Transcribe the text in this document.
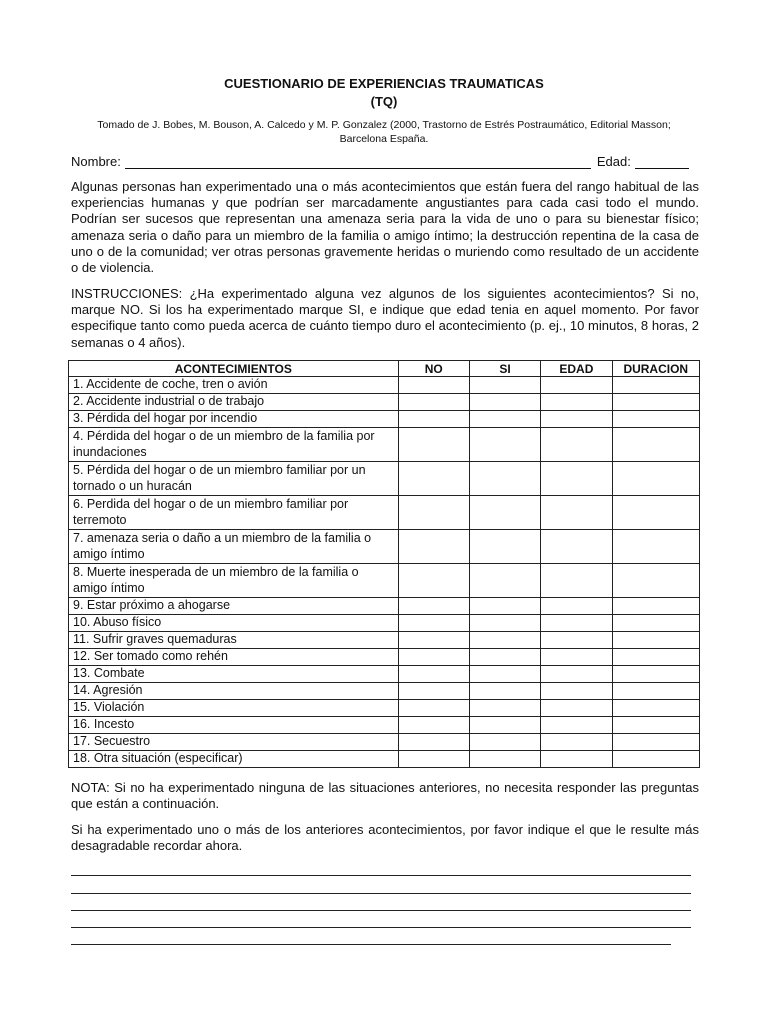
CUESTIONARIO DE EXPERIENCIAS TRAUMATICAS
(TQ)
Tomado de J. Bobes, M. Bouson, A. Calcedo y M. P. Gonzalez (2000, Trastorno de Estrés Postraumático, Editorial Masson; Barcelona España.
Nombre:	Edad:
Algunas personas han experimentado una o más acontecimientos que están fuera del rango habitual de las experiencias humanas y que podrían ser marcadamente angustiantes para cada casi todo el mundo. Podrían ser sucesos que representan una amenaza seria para la vida de uno o para su bienestar físico; amenaza seria o daño para un miembro de la familia o amigo íntimo; la destrucción repentina de la casa de uno o de la comunidad; ver otras personas gravemente heridas o muriendo como resultado de un accidente o de violencia.
INSTRUCCIONES: ¿Ha experimentado alguna vez algunos de los siguientes acontecimientos? Si no, marque NO. Si los ha experimentado marque SI, e indique que edad tenia en aquel momento. Por favor especifique tanto como pueda acerca de cuánto tiempo duro el acontecimiento (p. ej., 10 minutos, 8 horas, 2 semanas o 4 años).
ACONTECIMIENTOS	NO	SI	EDAD	DURACION
1. Accidente de coche, tren o avión				
2. Accidente industrial o de trabajo				
3. Pérdida del hogar por incendio				
4. Pérdida del hogar o de un miembro de la familia por inundaciones				
5. Pérdida del hogar o de un miembro familiar por un tornado o un huracán				
6. Perdida del hogar o de un miembro familiar por terremoto				
7. amenaza seria o daño a un miembro de la familia o amigo íntimo				
8. Muerte inesperada de un miembro de la familia o amigo íntimo				
9. Estar próximo a ahogarse				
10. Abuso físico				
11. Sufrir graves quemaduras				
12. Ser tomado como rehén				
13. Combate				
14. Agresión				
15. Violación				
16. Incesto				
17. Secuestro				
18. Otra situación (especificar)				
NOTA: Si no ha experimentado ninguna de las situaciones anteriores, no necesita responder las preguntas que están a continuación.
Si ha experimentado uno o más de los anteriores acontecimientos, por favor indique el que le resulte más desagradable recordar ahora.
